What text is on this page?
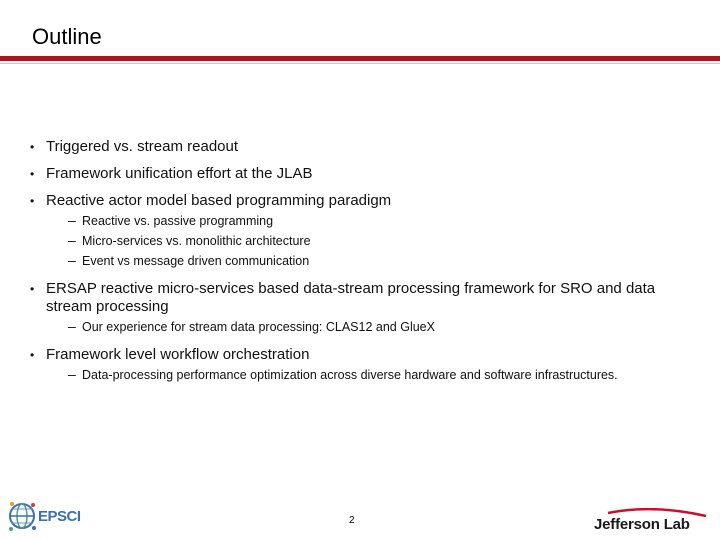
Outline
• Triggered vs. stream readout
• Framework unification effort at the JLAB
• Reactive actor model based programming paradigm
– Reactive vs. passive programming
– Micro-services vs. monolithic architecture
– Event vs message driven communication
• ERSAP reactive micro-services based data-stream processing framework for SRO and data stream processing
– Our experience for stream data processing: CLAS12 and GlueX
• Framework level workflow orchestration
– Data-processing performance optimization across diverse hardware and software infrastructures.
EPSCI	2	Jefferson Lab
